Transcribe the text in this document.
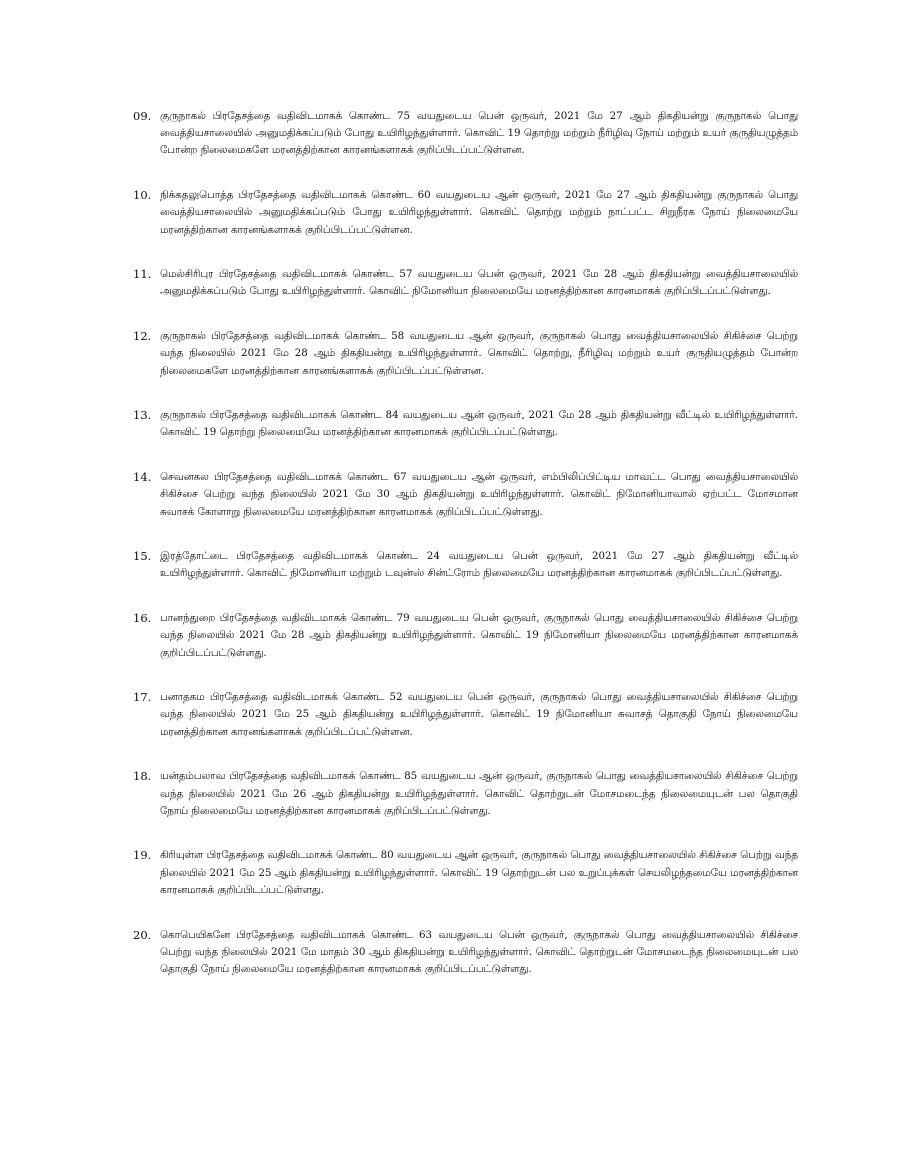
09. குருநாகல் பிரதேசத்தை வதிவிடமாகக் கொண்ட 75 வயதுடைய பென் ஒருவர், 2021 மே 27 ஆம் திகதியன்று குருநாகல் பொது வைத்தியசாலையில் அனுமதிக்கப்படும் போது உயிரிழந்துள்ளார். கொவிட் 19 தொற்று மற்றும் நீரிழிவு நோய் மற்றும் உயர் குருதியழுத்தம் போன்ற நிலைமைகளே மரனத்திற்கான காரனங்களாகக் குறிப்பிடப்பட்டுள்ளன.
10. நிக்கதலுபொத்த பிரதேசத்தை வதிவிடமாகக் கொண்ட 60 வயதுடைய ஆன் ஒருவர், 2021 மே 27 ஆம் திகதியன்று குருநாகல் பொது வைத்தியசாலையில் அனுமதிக்கப்படும் போது உயிரிழந்துள்ளார். கொவிட் தொற்று மற்றும் நாட்பட்ட சிறுநீரக நோய் நிலைமையே மரனத்திற்கான காரனங்களாகக் குறிப்பிடப்பட்டுள்ளன.
11. மெல்சிரிபுர பிரதேசத்தை வதிவிடமாகக் கொண்ட 57 வயதுடைய பென் ஒருவர், 2021 மே 28 ஆம் திகதியன்று வைத்தியசாலையில் அனுமதிக்கப்படும் போது உயிரிழந்துள்ளார். கொவிட் நிமோனியா நிலைமையே மரனத்திற்கான காரனமாகக் குறிப்பிடப்பட்டுள்ளது.
12. குருநாகல் பிரதேசத்தை வதிவிடமாகக் கொண்ட 58 வயதுடைய ஆன் ஒருவர், குருநாகல் பொது வைத்தியசாலையில் சிகிச்சை பெற்று வந்த நிலையில் 2021 மே 28 ஆம் திகதியன்று உயிரிழந்துள்ளார். கொவிட் தொற்று, நீரிழிவு மற்றும் உயர் குருதியழுத்தம் போன்ற நிலைமைகளே மரனத்திற்கான காரனங்களாகக் குறிப்பிடப்பட்டுள்ளன.
13. குருநாகல் பிரதேசத்தை வதிவிடமாகக் கொண்ட 84 வயதுடைய ஆன் ஒருவர், 2021 மே 28 ஆம் திகதியன்று வீட்டில் உயிரிழந்துள்ளார். கொவிட் 19 தொற்று நிலைமையே மரனத்திற்கான காரனமாகக் குறிப்பிடப்பட்டுள்ளது.
14. செவனகல பிரதேசத்தை வதிவிடமாகக் கொண்ட 67 வயதுடைய ஆன் ஒருவர், எம்பிலிப்பிட்டிய மாவட்ட பொது வைத்தியசாலையில் சிகிச்சை பெற்று வந்த நிலையில் 2021 மே 30 ஆம் திகதியன்று உயிரிழந்துள்ளார். கொவிட் நிமோனியாவால் ஏற்பட்ட மோசமான சுவாசக் கோளாறு நிலைமையே மரனத்திற்கான காரனமாகக் குறிப்பிடப்பட்டுள்ளது.
15. இரத்தோட்டை பிரதேசத்தை வதிவிடமாகக் கொண்ட 24 வயதுடைய பென் ஒருவர், 2021 மே 27 ஆம் திகதியன்று வீட்டில் உயிரிழந்துள்ளார். கொவிட் நிமோனியா மற்றும் டவுன்ஸ் சின்ட்ரோம் நிலைமையே மரனத்திற்கான காரனமாகக் குறிப்பிடப்பட்டுள்ளது.
16. பானந்துறை பிரதேசத்தை வதிவிடமாகக் கொண்ட 79 வயதுடைய பென் ஒருவர், குருநாகல் பொது வைத்தியசாலையில் சிகிச்சை பெற்று வந்த நிலையில் 2021 மே 28 ஆம் திகதியன்று உயிரிழந்துள்ளார். கொவிட் 19 நிமோனியா நிலைமையே மரனத்திற்கான காரனமாகக் குறிப்பிடப்பட்டுள்ளது.
17. பனாதகம பிரதேசத்தை வதிவிடமாகக் கொண்ட 52 வயதுடைய பென் ஒருவர், குருநாகல் பொது வைத்தியசாலையில் சிகிச்சை பெற்று வந்த நிலையில் 2021 மே 25 ஆம் திகதியன்று உயிரிழந்துள்ளார். கொவிட் 19 நிமோனியா சுவாசத் தொகுதி நோய் நிலைமையே மரனத்திற்கான காரனங்களாகக் குறிப்பிடப்பட்டுள்ளன.
18. யன்தம்பலாவ பிரதேசத்தை வதிவிடமாகக் கொண்ட 85 வயதுடைய ஆன் ஒருவர், குருநாகல் பொது வைத்தியசாலையில் சிகிச்சை பெற்று வந்த நிலையில் 2021 மே 26 ஆம் திகதியன்று உயிரிழந்துள்ளார். கொவிட் தொற்றுடன் மோசமடைந்த நிலைமையுடன் பல தொகுதி நோய் நிலைமையே மரனத்திற்கான காரனமாகக் குறிப்பிடப்பட்டுள்ளது.
19. கிரியுள்ள பிரதேசத்தை வதிவிடமாகக் கொண்ட 80 வயதுடைய ஆன் ஒருவர், குருநாகல் பொது வைத்தியசாலையில் சிகிச்சை பெற்று வந்த நிலையில் 2021 மே 25 ஆம் திகதியன்று உயிரிழந்துள்ளார். கொவிட் 19 தொற்றுடன் பல உறுப்புக்கள் செயலிழந்தமையே மரனத்திற்கான காரனமாகக் குறிப்பிடப்பட்டுள்ளது.
20. கொபெயிகனே பிரதேசத்தை வதிவிடமாகக் கொண்ட 63 வயதுடைய பென் ஒருவர், குருநாகல் பொது வைத்தியசாலையில் சிகிச்சை பெற்று வந்த நிலையில் 2021 மே மாதம் 30 ஆம் திகதியன்று உயிரிழந்துள்ளார். கொவிட் தொற்றுடன் மோசமடைந்த நிலைமையுடன் பல தொகுதி நோய் நிலைமையே மரனத்திற்கான காரனமாகக் குறிப்பிடப்பட்டுள்ளது.
